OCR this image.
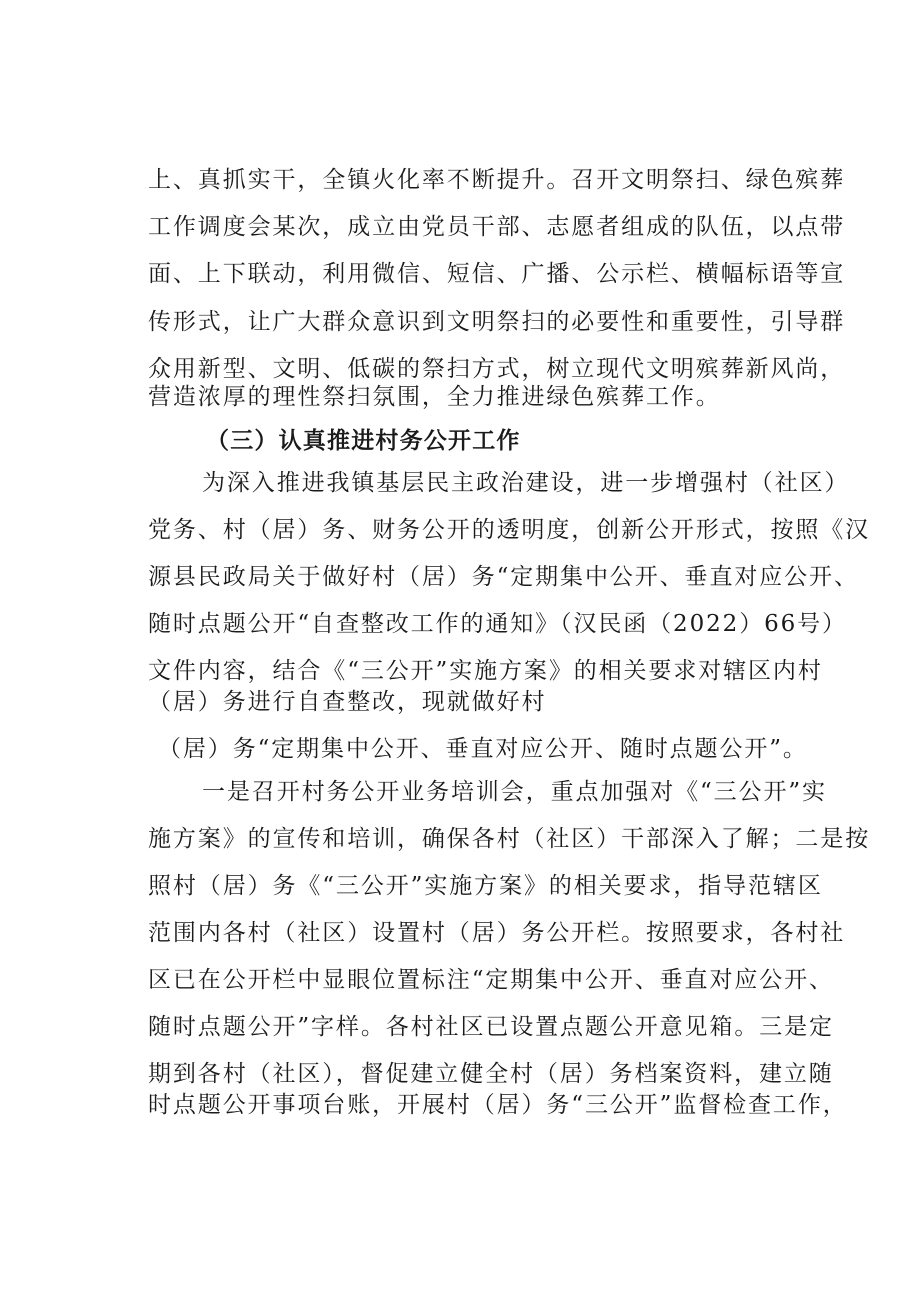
上、真抓实干，全镇火化率不断提升。召开文明祭扫、绿色殡葬
工作调度会某次，成立由党员干部、志愿者组成的队伍，以点带
面、上下联动，利用微信、短信、广播、公示栏、横幅标语等宣
传形式，让广大群众意识到文明祭扫的必要性和重要性，引导群
众用新型、文明、低碳的祭扫方式，树立现代文明殡葬新风尚，
营造浓厚的理性祭扫氛围，全力推进绿色殡葬工作。
（三）认真推进村务公开工作
为深入推进我镇基层民主政治建设，进一步增强村（社区）
党务、村（居）务、财务公开的透明度，创新公开形式，按照《汉
源县民政局关于做好村（居）务“定期集中公开、垂直对应公开、
随时点题公开“自查整改工作的通知》（汉民函（2022）66号）
文件内容，结合《“三公开”实施方案》的相关要求对辖区内村
（居）务进行自查整改，现就做好村
（居）务“定期集中公开、垂直对应公开、随时点题公开”。
一是召开村务公开业务培训会，重点加强对《“三公开”实
施方案》的宣传和培训，确保各村（社区）干部深入了解；二是按
照村（居）务《“三公开”实施方案》的相关要求，指导范辖区
范围内各村（社区）设置村（居）务公开栏。按照要求，各村社
区已在公开栏中显眼位置标注“定期集中公开、垂直对应公开、
随时点题公开”字样。各村社区已设置点题公开意见箱。三是定
期到各村（社区），督促建立健全村（居）务档案资料，建立随
时点题公开事项台账，开展村（居）务“三公开”监督检查工作，
